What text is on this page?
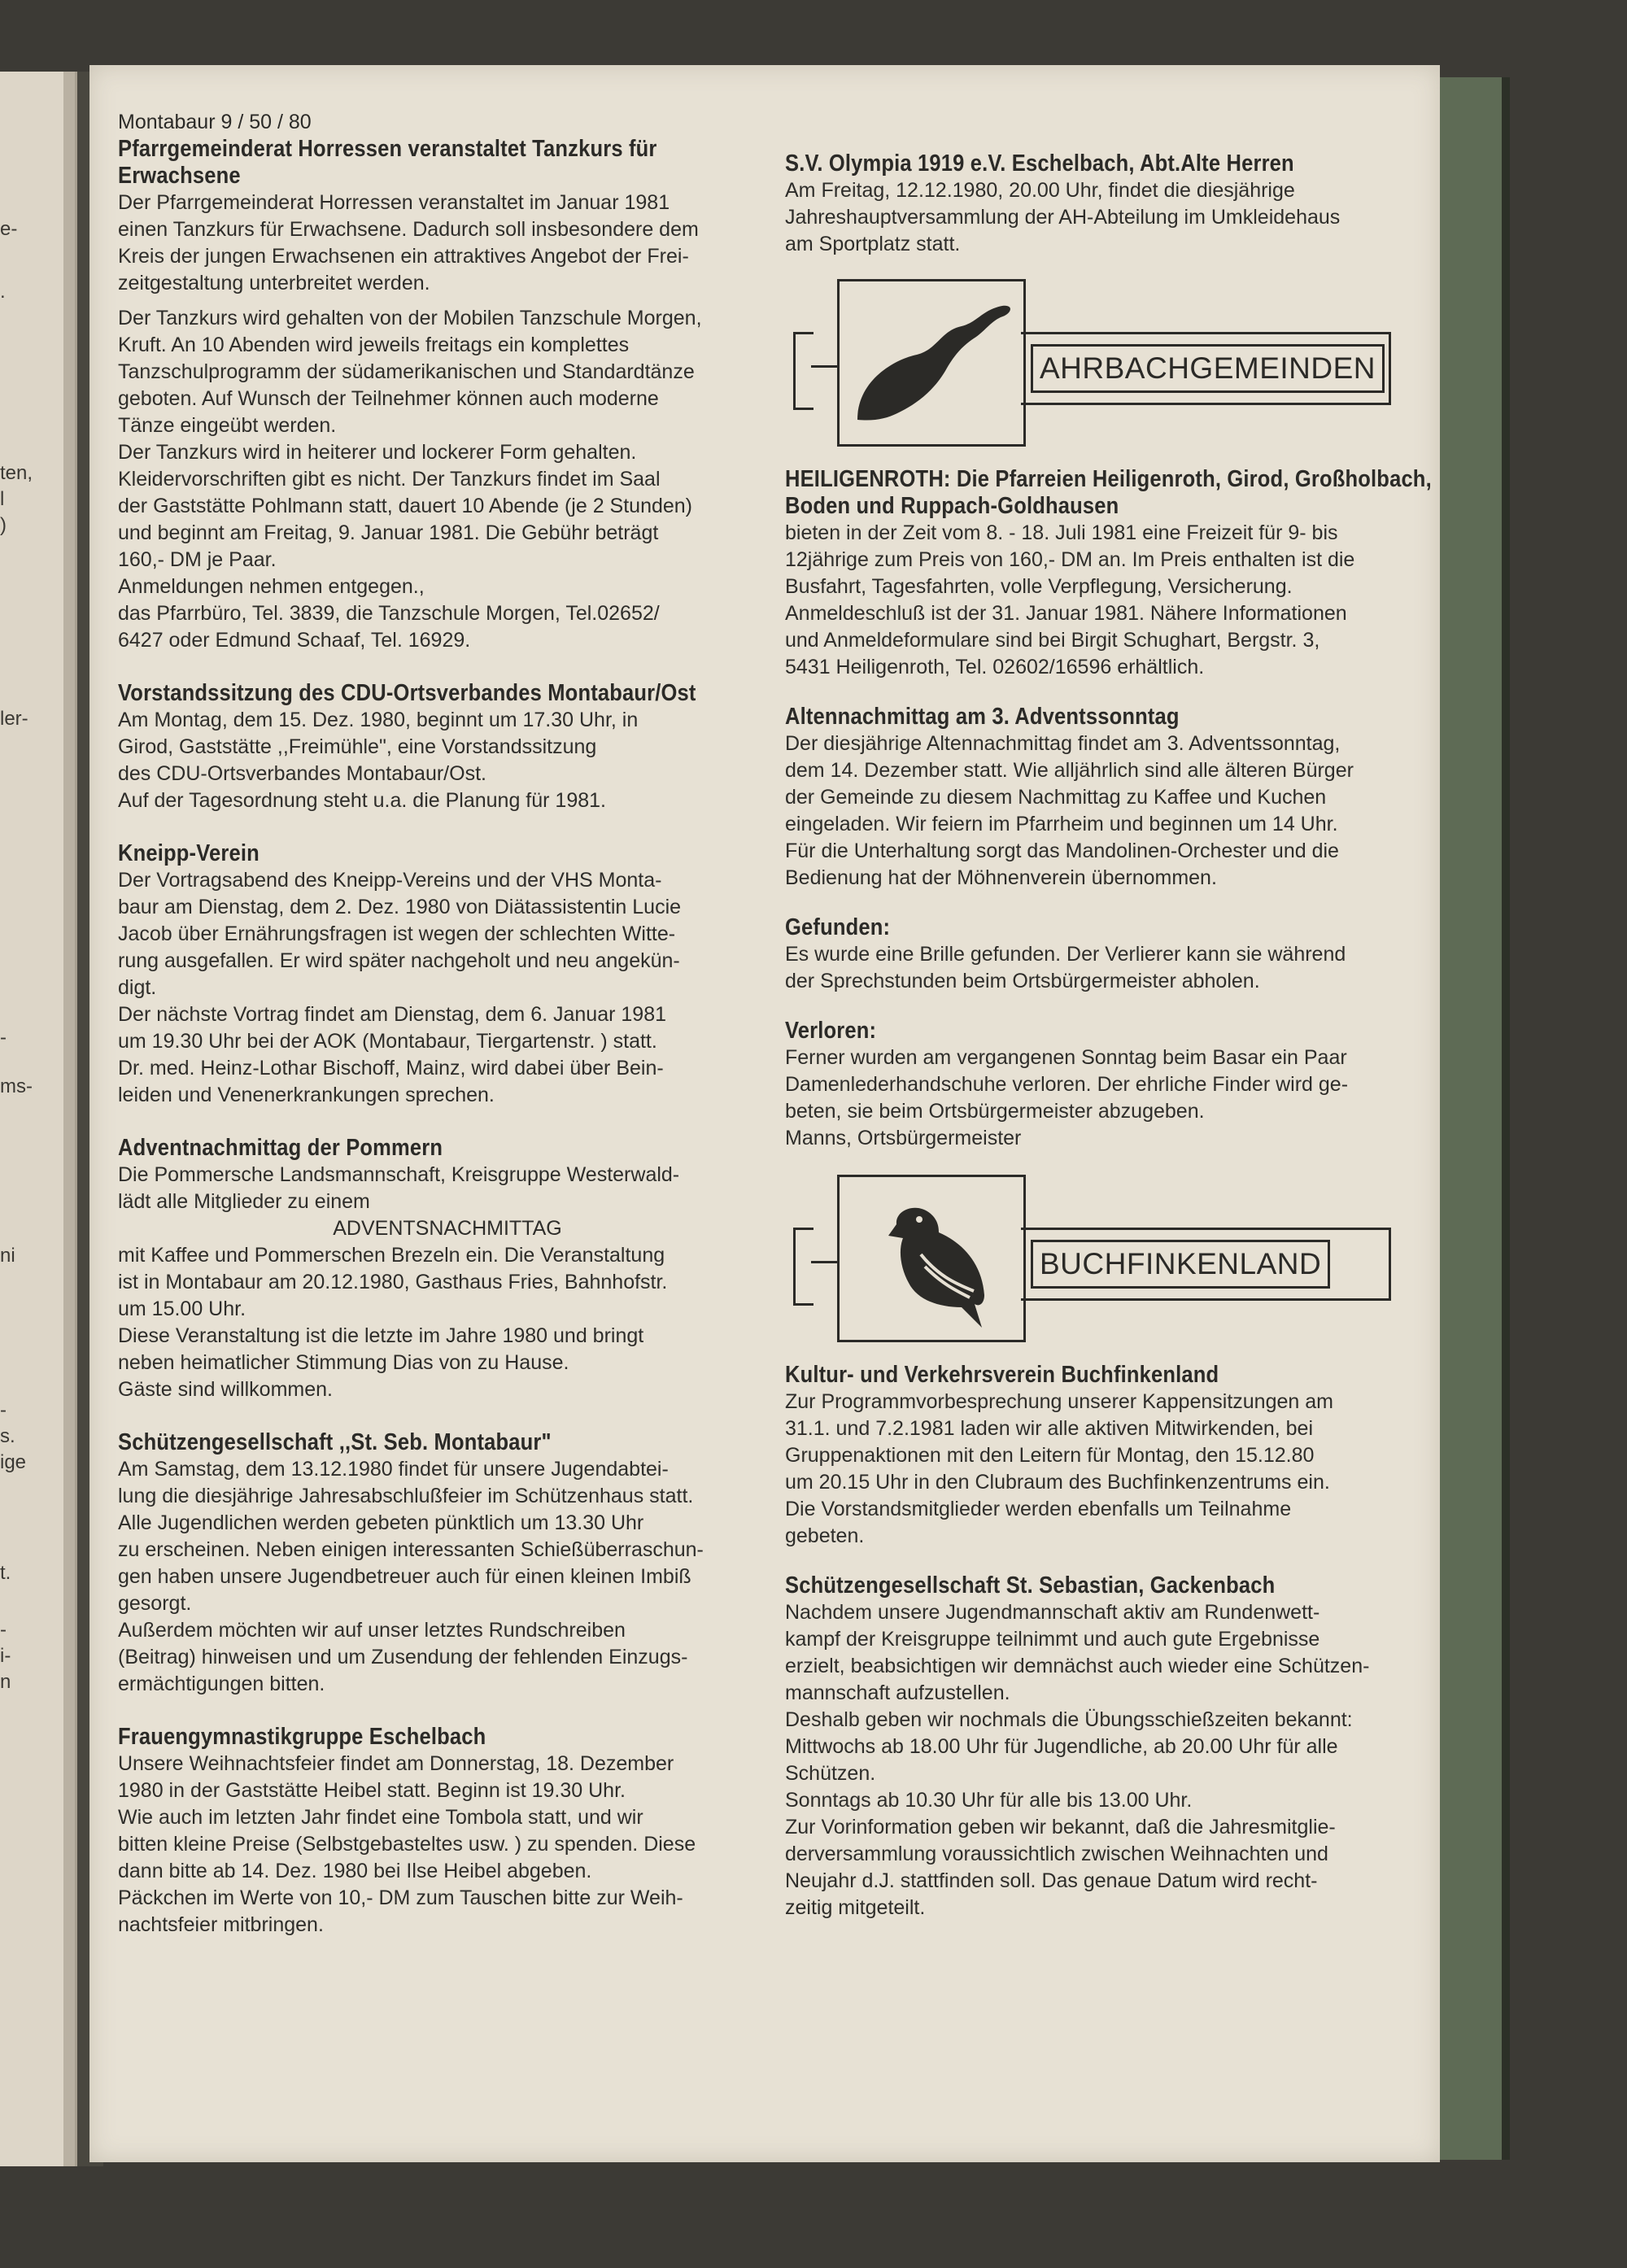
e-
.
ten,
l
)
ler-
-
ms-
ni
-
s.
ige
t.
-
i-
n
Montabaur 9 / 50 / 80
Pfarrgemeinderat Horressen veranstaltet Tanzkurs für Erwachsene
Der Pfarrgemeinderat Horressen veranstaltet im Januar 1981
einen Tanzkurs für Erwachsene. Dadurch soll insbesondere dem
Kreis der jungen Erwachsenen ein attraktives Angebot der Frei-
zeitgestaltung unterbreitet werden.
Der Tanzkurs wird gehalten von der Mobilen Tanzschule Morgen,
Kruft. An 10 Abenden wird jeweils freitags ein komplettes
Tanzschulprogramm der südamerikanischen und Standardtänze
geboten. Auf Wunsch der Teilnehmer können auch moderne
Tänze eingeübt werden.
Der Tanzkurs wird in heiterer und lockerer Form gehalten.
Kleidervorschriften gibt es nicht. Der Tanzkurs findet im Saal
der Gaststätte Pohlmann statt, dauert 10 Abende (je 2 Stunden)
und beginnt am Freitag, 9. Januar 1981. Die Gebühr beträgt
160,- DM je Paar.
Anmeldungen nehmen entgegen.,
das Pfarrbüro, Tel. 3839, die Tanzschule Morgen, Tel.02652/
6427 oder Edmund Schaaf, Tel. 16929.
Vorstandssitzung des CDU-Ortsverbandes Montabaur/Ost
Am Montag, dem 15. Dez. 1980, beginnt um 17.30 Uhr, in
Girod, Gaststätte ,,Freimühle", eine Vorstandssitzung
des CDU-Ortsverbandes Montabaur/Ost.
Auf der Tagesordnung steht u.a. die Planung für 1981.
Kneipp-Verein
Der Vortragsabend des Kneipp-Vereins und der VHS Monta-
baur am Dienstag, dem 2. Dez. 1980 von Diätassistentin Lucie
Jacob über Ernährungsfragen ist wegen der schlechten Witte-
rung ausgefallen. Er wird später nachgeholt und neu angekün-
digt.
Der nächste Vortrag findet am Dienstag, dem 6. Januar 1981
um 19.30 Uhr bei der AOK (Montabaur, Tiergartenstr. ) statt.
Dr. med. Heinz-Lothar Bischoff, Mainz, wird dabei über Bein-
leiden und Venenerkrankungen sprechen.
Adventnachmittag der Pommern
Die Pommersche Landsmannschaft, Kreisgruppe Westerwald-
lädt alle Mitglieder zu einem
ADVENTSNACHMITTAG
mit Kaffee und Pommerschen Brezeln ein. Die Veranstaltung
ist in Montabaur am 20.12.1980, Gasthaus Fries, Bahnhofstr.
um 15.00 Uhr.
Diese Veranstaltung ist die letzte im Jahre 1980 und bringt
neben heimatlicher Stimmung Dias von zu Hause.
Gäste sind willkommen.
Schützengesellschaft ,,St. Seb. Montabaur"
Am Samstag, dem 13.12.1980 findet für unsere Jugendabtei-
lung die diesjährige Jahresabschlußfeier im Schützenhaus statt.
Alle Jugendlichen werden gebeten pünktlich um 13.30 Uhr
zu erscheinen. Neben einigen interessanten Schießüberraschun-
gen haben unsere Jugendbetreuer auch für einen kleinen Imbiß
gesorgt.
Außerdem möchten wir auf unser letztes Rundschreiben
(Beitrag) hinweisen und um Zusendung der fehlenden Einzugs-
ermächtigungen bitten.
Frauengymnastikgruppe Eschelbach
Unsere Weihnachtsfeier findet am Donnerstag, 18. Dezember
1980 in der Gaststätte Heibel statt. Beginn ist 19.30 Uhr.
Wie auch im letzten Jahr findet eine Tombola statt, und wir
bitten kleine Preise (Selbstgebasteltes usw. ) zu spenden. Diese
dann bitte ab 14. Dez. 1980 bei Ilse Heibel abgeben.
Päckchen im Werte von 10,- DM zum Tauschen bitte zur Weih-
nachtsfeier mitbringen.
S.V. Olympia 1919 e.V. Eschelbach, Abt.Alte Herren
Am Freitag, 12.12.1980, 20.00 Uhr, findet die diesjährige
Jahreshauptversammlung der AH-Abteilung im Umkleidehaus
am Sportplatz statt.
AHRBACHGEMEINDEN
HEILIGENROTH: Die Pfarreien Heiligenroth, Girod, Großholbach, Boden und Ruppach-Goldhausen
bieten in der Zeit vom 8. - 18. Juli 1981 eine Freizeit für 9- bis
12jährige zum Preis von 160,- DM an. Im Preis enthalten ist die
Busfahrt, Tagesfahrten, volle Verpflegung, Versicherung.
Anmeldeschluß ist der 31. Januar 1981. Nähere Informationen
und Anmeldeformulare sind bei Birgit Schughart, Bergstr. 3,
5431 Heiligenroth, Tel. 02602/16596 erhältlich.
Altennachmittag am 3. Adventssonntag
Der diesjährige Altennachmittag findet am 3. Adventssonntag,
dem 14. Dezember statt. Wie alljährlich sind alle älteren Bürger
der Gemeinde zu diesem Nachmittag zu Kaffee und Kuchen
eingeladen. Wir feiern im Pfarrheim und beginnen um 14 Uhr.
Für die Unterhaltung sorgt das Mandolinen-Orchester und die
Bedienung hat der Möhnenverein übernommen.
Gefunden:
Es wurde eine Brille gefunden. Der Verlierer kann sie während
der Sprechstunden beim Ortsbürgermeister abholen.
Verloren:
Ferner wurden am vergangenen Sonntag beim Basar ein Paar
Damenlederhandschuhe verloren. Der ehrliche Finder wird ge-
beten, sie beim Ortsbürgermeister abzugeben.
Manns, Ortsbürgermeister
BUCHFINKENLAND
Kultur- und Verkehrsverein Buchfinkenland
Zur Programmvorbesprechung unserer Kappensitzungen am
31.1. und 7.2.1981 laden wir alle aktiven Mitwirkenden, bei
Gruppenaktionen mit den Leitern für Montag, den 15.12.80
um 20.15 Uhr in den Clubraum des Buchfinkenzentrums ein.
Die Vorstandsmitglieder werden ebenfalls um Teilnahme
gebeten.
Schützengesellschaft St. Sebastian, Gackenbach
Nachdem unsere Jugendmannschaft aktiv am Rundenwett-
kampf der Kreisgruppe teilnimmt und auch gute Ergebnisse
erzielt, beabsichtigen wir demnächst auch wieder eine Schützen-
mannschaft aufzustellen.
Deshalb geben wir nochmals die Übungsschießzeiten bekannt:
Mittwochs ab 18.00 Uhr für Jugendliche, ab 20.00 Uhr für alle
Schützen.
Sonntags ab 10.30 Uhr für alle bis 13.00 Uhr.
Zur Vorinformation geben wir bekannt, daß die Jahresmitglie-
derversammlung voraussichtlich zwischen Weihnachten und
Neujahr d.J. stattfinden soll. Das genaue Datum wird recht-
zeitig mitgeteilt.
